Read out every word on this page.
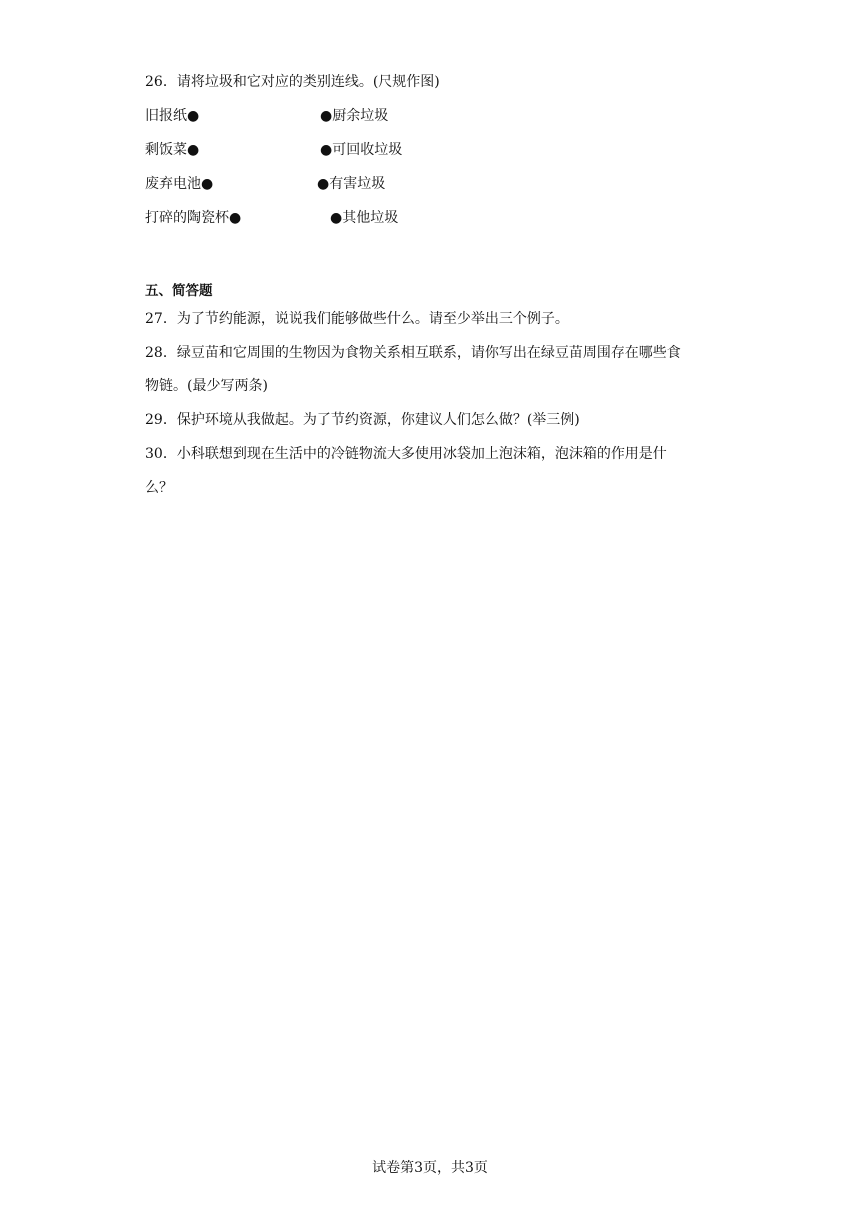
26．请将垃圾和它对应的类别连线。(尺规作图)
旧报纸●	●厨余垃圾
剩饭菜●	●可回收垃圾
废弃电池●	●有害垃圾
打碎的陶瓷杯●	●其他垃圾
五、简答题
27．为了节约能源，说说我们能够做些什么。请至少举出三个例子。
28．绿豆苗和它周围的生物因为食物关系相互联系，请你写出在绿豆苗周围存在哪些食
物链。(最少写两条)
29．保护环境从我做起。为了节约资源，你建议人们怎么做？(举三例)
30．小科联想到现在生活中的冷链物流大多使用冰袋加上泡沫箱，泡沫箱的作用是什
么？
试卷第3页，共3页
